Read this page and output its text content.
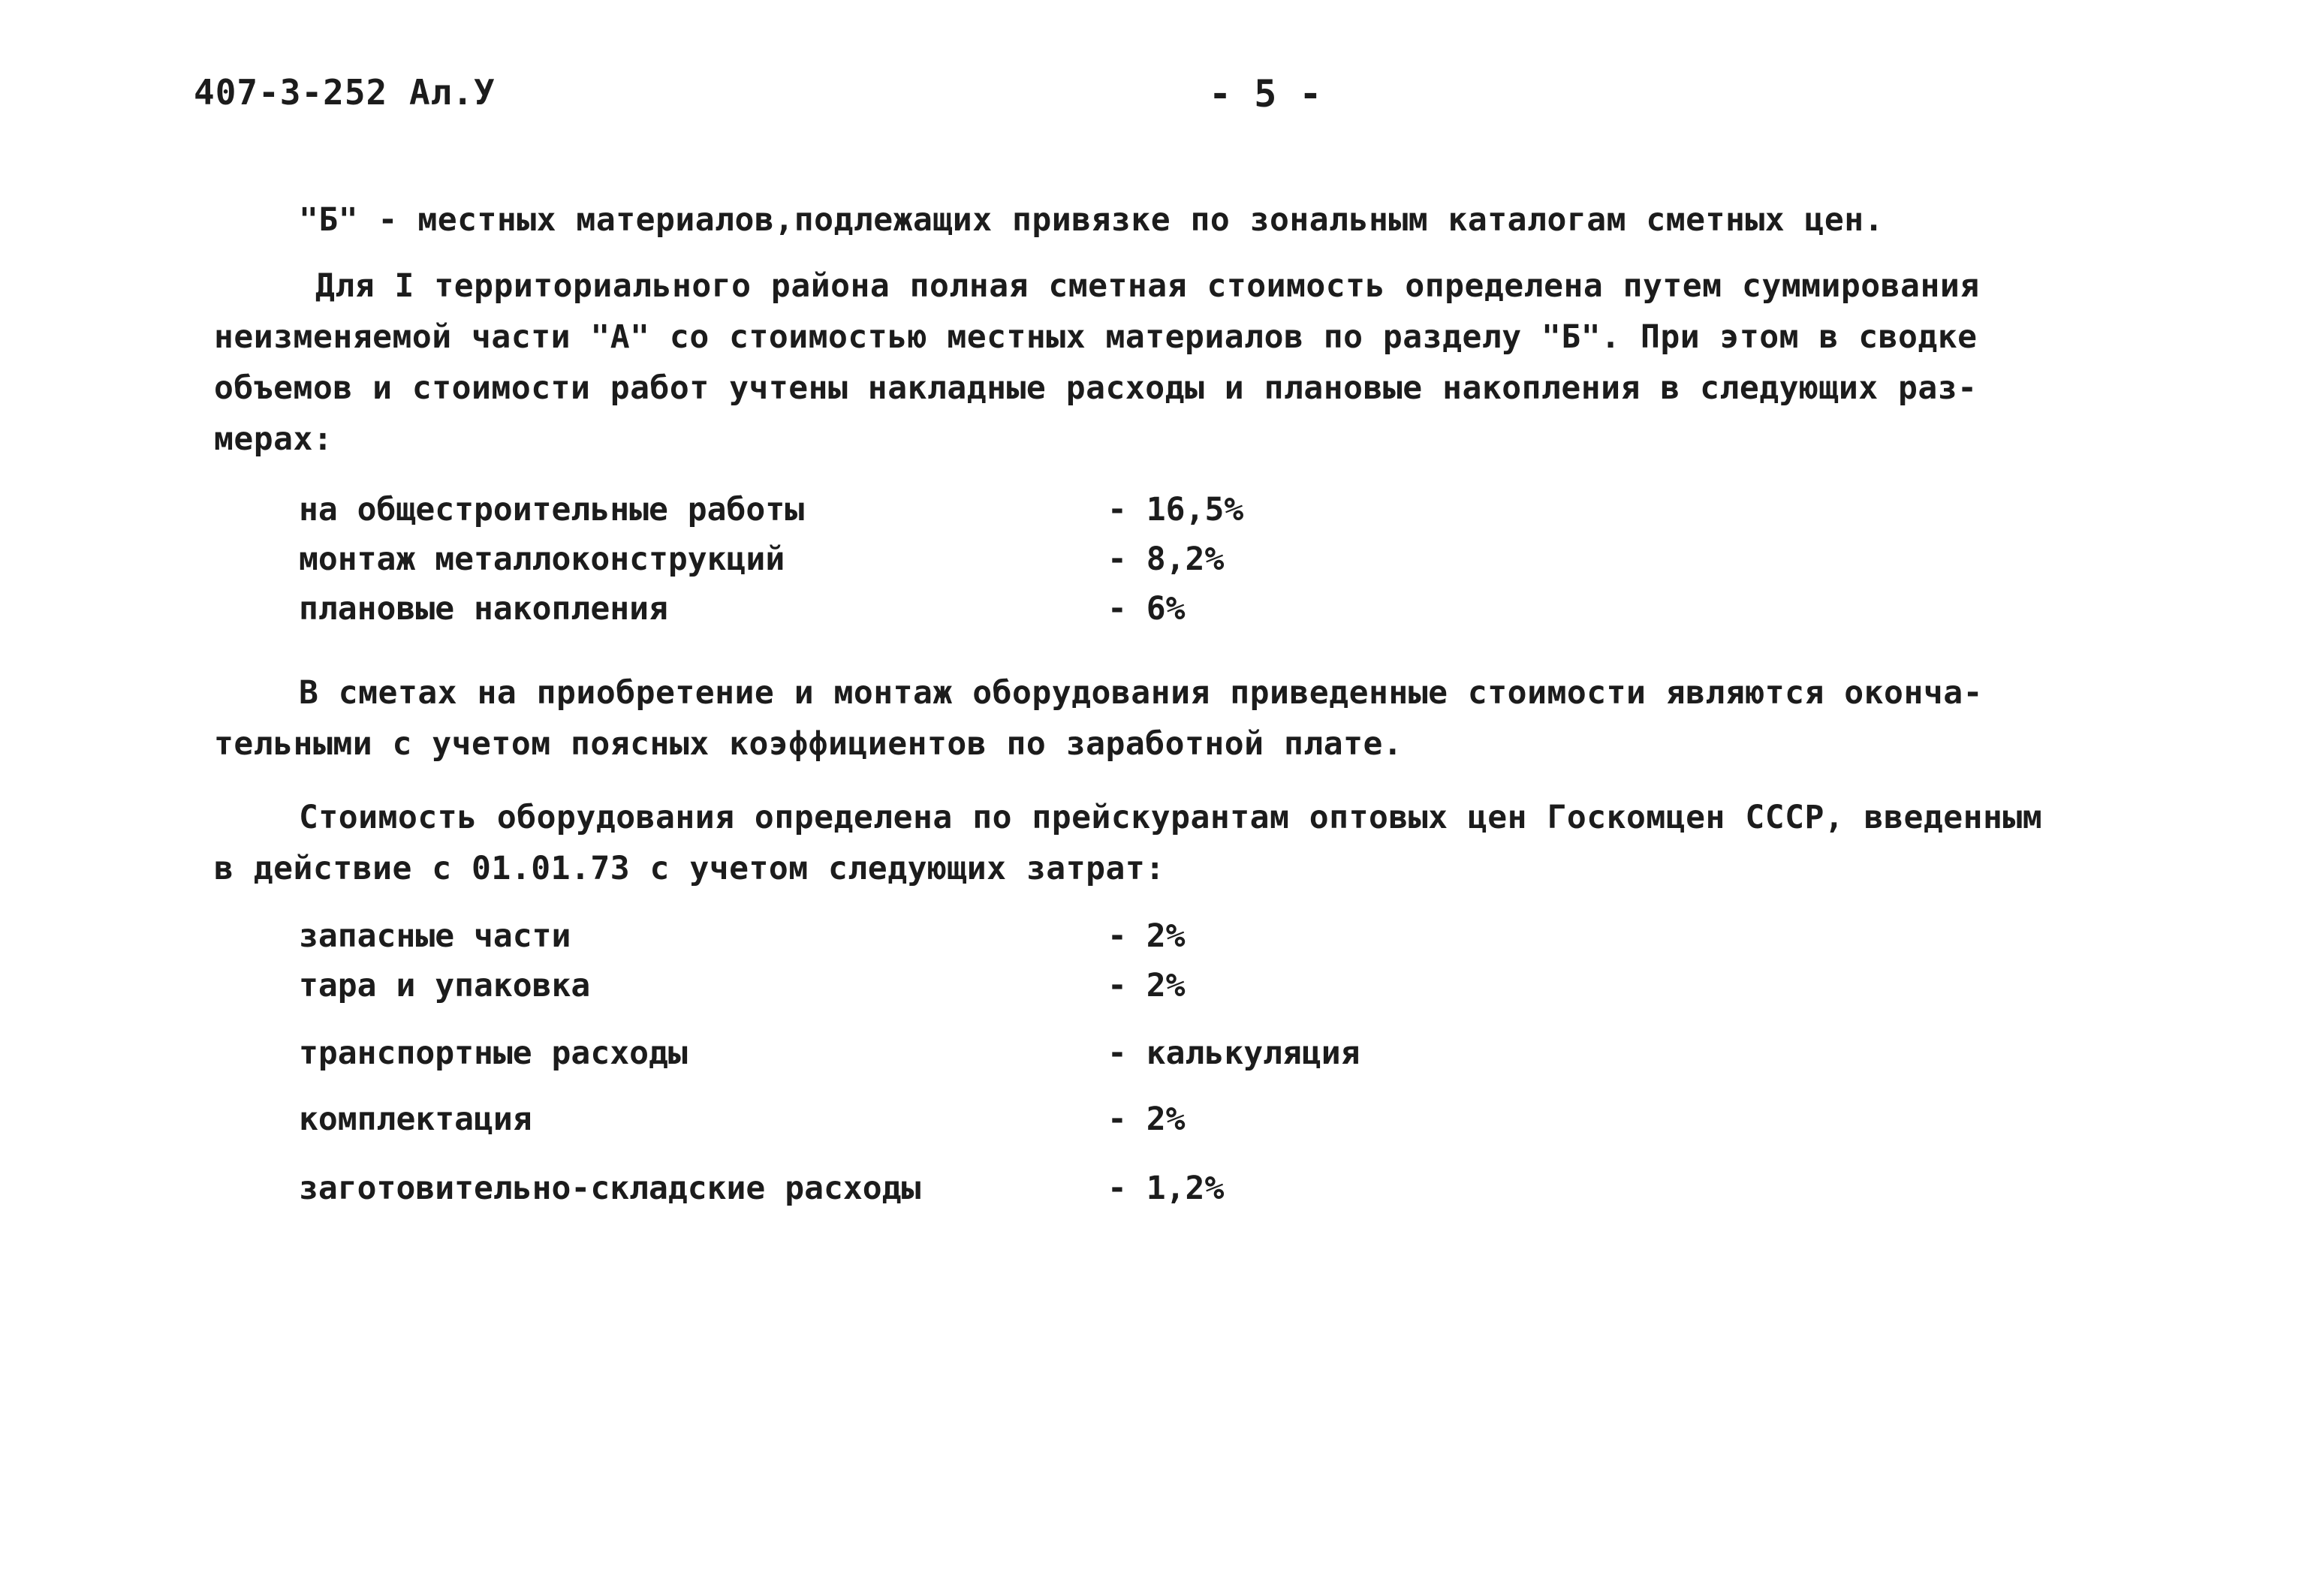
407-3-252 Ал.У	- 5 -
"Б" - местных материалов,подлежащих привязке по зональным каталогам сметных цен.
Для I территориального района полная сметная стоимость определена путем суммирования
неизменяемой части "А" со стоимостью местных материалов по разделу "Б". При этом в сводке
объемов и стоимости работ учтены накладные расходы и плановые накопления в следующих раз-
мерах:
на общестроительные работы	- 16,5%
монтаж металлоконструкций	- 8,2%
плановые накопления	- 6%
В сметах на приобретение и монтаж оборудования приведенные стоимости являются оконча-
тельными с учетом поясных коэффициентов по заработной плате.
Стоимость оборудования определена по прейскурантам оптовых цен Госкомцен СССР, введенным
в действие с 01.01.73 с учетом следующих затрат:
запасные части	- 2%
тара и упаковка	- 2%
транспортные расходы	- калькуляция
комплектация	- 2%
заготовительно-складские расходы	- 1,2%
